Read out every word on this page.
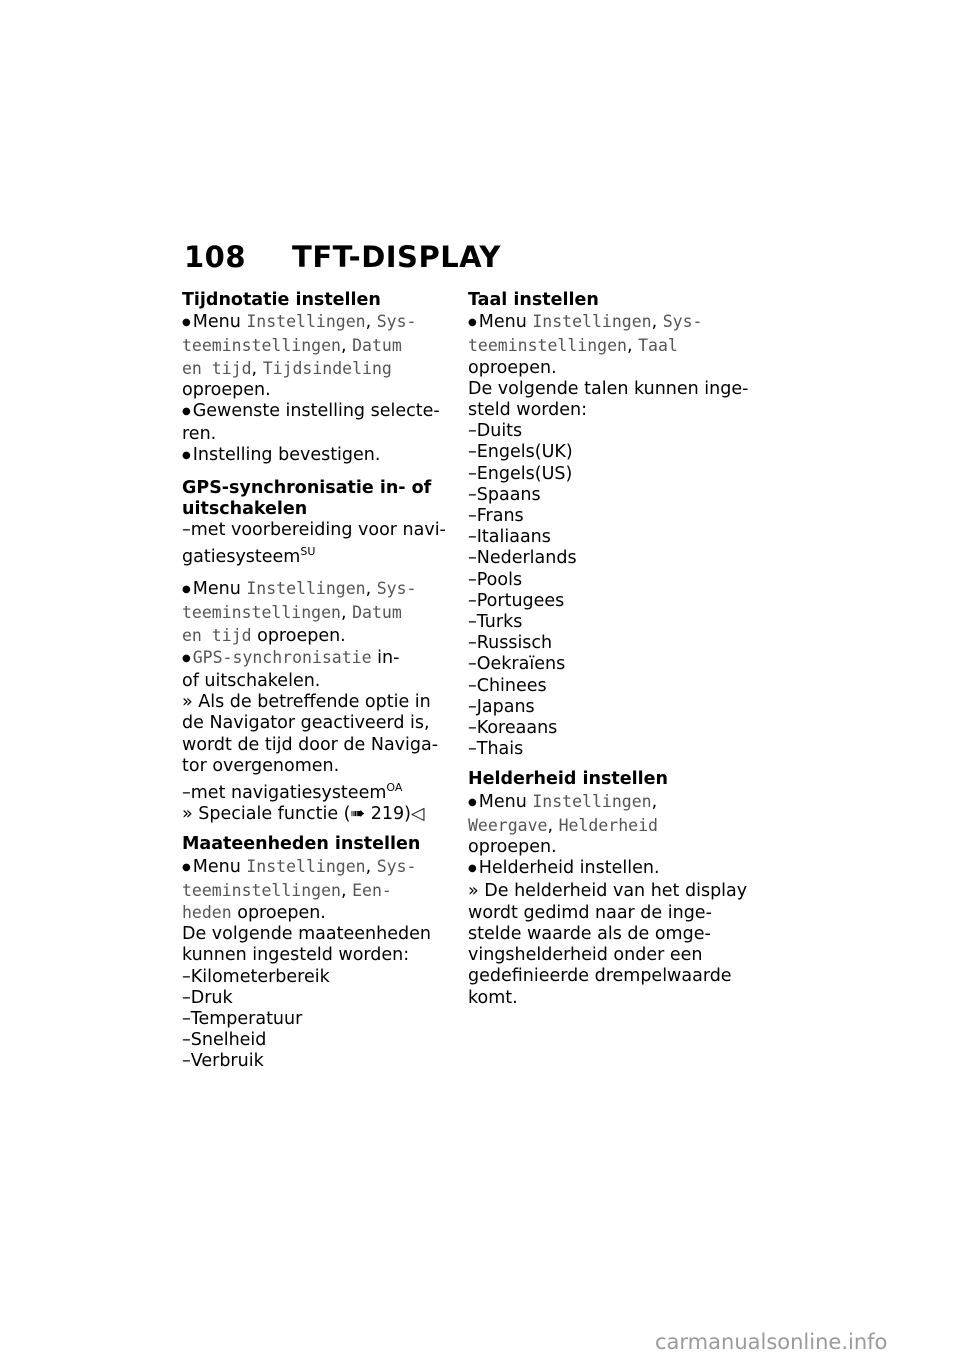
108 TFT-DISPLAY
Tijdnotatie instellen
● Menu Instellingen, Sys-
teeminstellingen, Datum
en tijd, Tijdsindeling
oproepen.
● Gewenste instelling selecte-
ren.
● Instelling bevestigen.
GPS-synchronisatie in- of
uitschakelen
– met voorbereiding voor navi-
gatiesysteem$^{SU}$
● Menu Instellingen, Sys-
teeminstellingen, Datum
en tijd oproepen.
● GPS-synchronisatie in-
of uitschakelen.
» Als de betreffende optie in
de Navigator geactiveerd is,
wordt de tijd door de Naviga-
tor overgenomen.
– met navigatiesysteem$^{OA}$
» Speciale functie (➠ 219)◁
Maateenheden instellen
● Menu Instellingen, Sys-
teeminstellingen, Een-
heden oproepen.
De volgende maateenheden
kunnen ingesteld worden:
– Kilometerbereik
– Druk
– Temperatuur
– Snelheid
– Verbruik
Taal instellen
● Menu Instellingen, Sys-
teeminstellingen, Taal
oproepen.
De volgende talen kunnen inge-
steld worden:
– Duits
– Engels(UK)
– Engels(US)
– Spaans
– Frans
– Italiaans
– Nederlands
– Pools
– Portugees
– Turks
– Russisch
– Oekraïens
– Chinees
– Japans
– Koreaans
– Thais
Helderheid instellen
● Menu Instellingen,
Weergave, Helderheid
oproepen.
● Helderheid instellen.
» De helderheid van het display
wordt gedimd naar de inge-
stelde waarde als de omge-
vingshelderheid onder een
gedefinieerde drempelwaarde
komt.
carmanualsonline.info
